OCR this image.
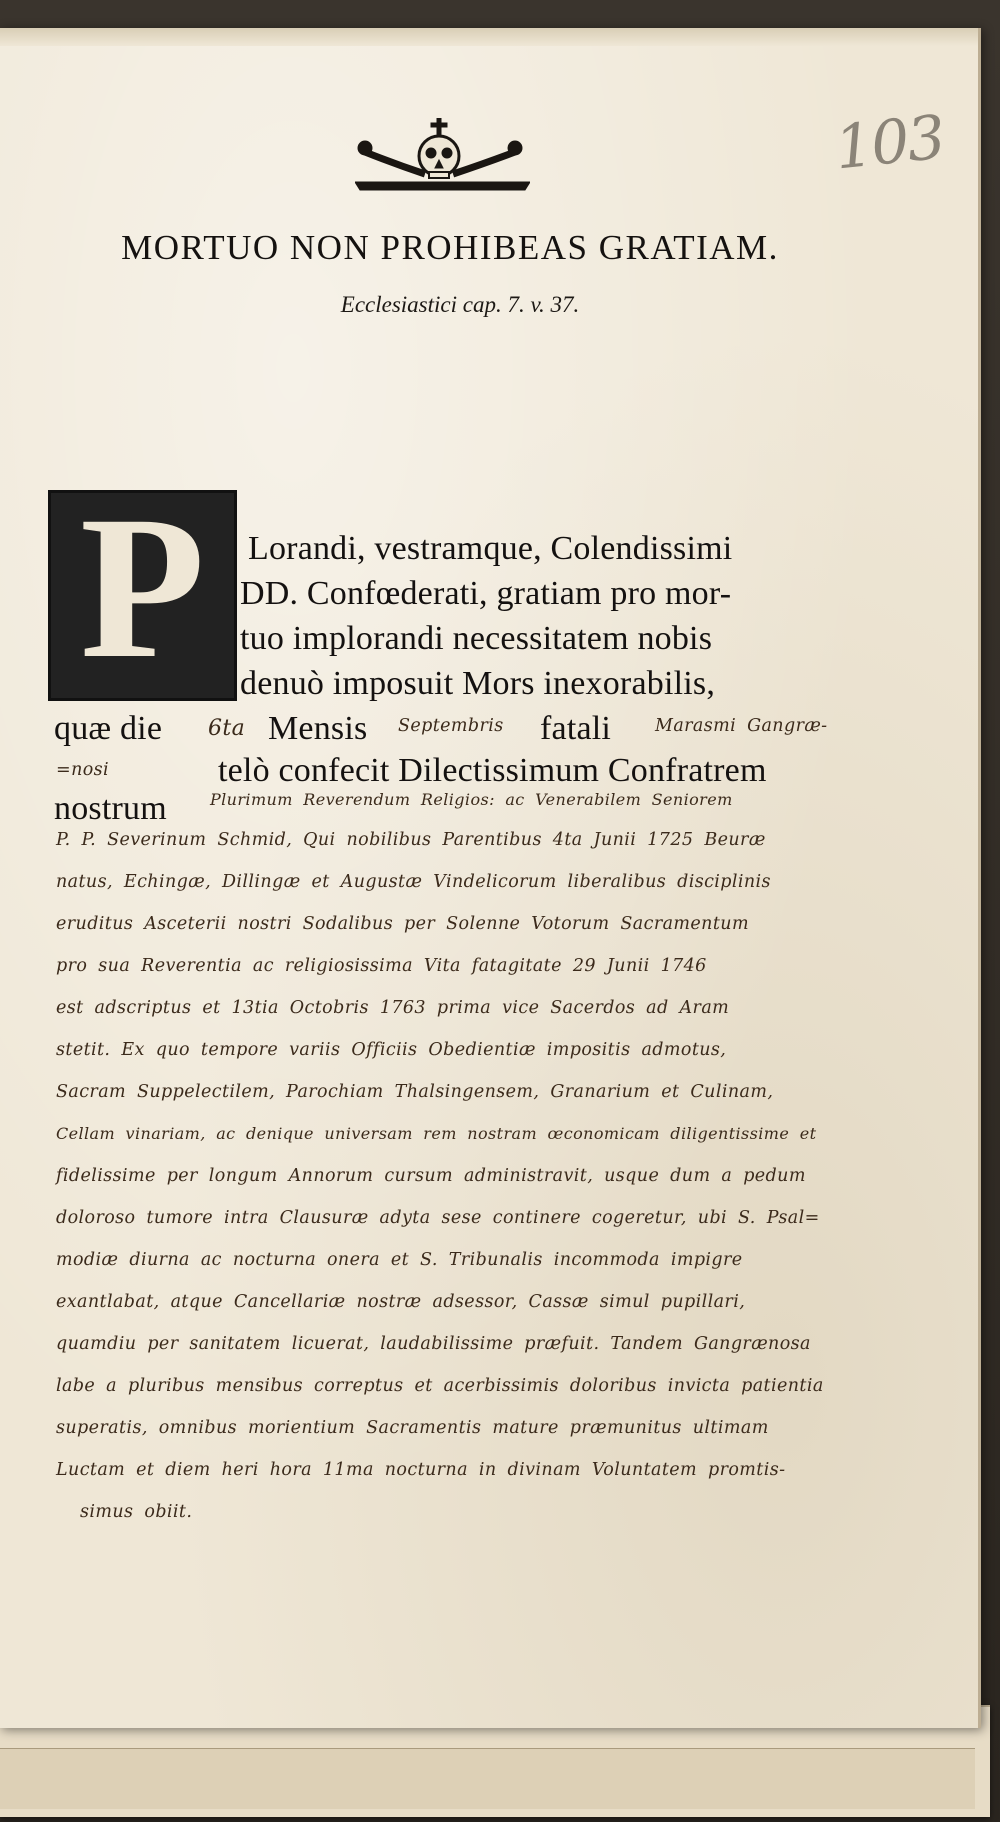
103
MORTUO NON PROHIBEAS GRATIAM.
Ecclesiastici cap. 7. v. 37.
P	Lorandi, vestramque, Colendissimi
DD. Confœderati, gratiam pro mor-
tuo implorandi necessitatem nobis
denuò imposuit Mors inexorabilis,
quæ die 6ta Mensis Septembris fatali	Marasmi Gangræ-
=nosi	telò confecit Dilectissimum Confratrem
nostrum	Plurimum Reverendum Religios: ac Venerabilem Seniorem
P. P. Severinum Schmid, Qui nobilibus Parentibus 4ta Junii 1725 Beuræ
natus, Echingæ, Dillingæ et Augustæ Vindelicorum liberalibus disciplinis
eruditus Asceterii nostri Sodalibus per Solenne Votorum Sacramentum
pro sua Reverentia ac religiosissima Vita fatagitate 29 Junii 1746
est adscriptus et 13tia Octobris 1763 prima vice Sacerdos ad Aram
stetit. Ex quo tempore variis Officiis Obedientiæ impositis admotus,
Sacram Suppelectilem, Parochiam Thalsingensem, Granarium et Culinam,
Cellam vinariam, ac denique universam rem nostram œconomicam diligentissime et
fidelissime per longum Annorum cursum administravit, usque dum a pedum
doloroso tumore intra Clausuræ adyta sese continere cogeretur, ubi S. Psal=
modiæ diurna ac nocturna onera et S. Tribunalis incommoda impigre
exantlabat, atque Cancellariæ nostræ adsessor, Cassæ simul pupillari,
quamdiu per sanitatem licuerat, laudabilissime præfuit. Tandem Gangrænosa
labe a pluribus mensibus correptus et acerbissimis doloribus invicta patientia
superatis, omnibus morientium Sacramentis mature præmunitus ultimam
Luctam et diem heri hora 11ma nocturna in divinam Voluntatem promtis-
simus obiit.
